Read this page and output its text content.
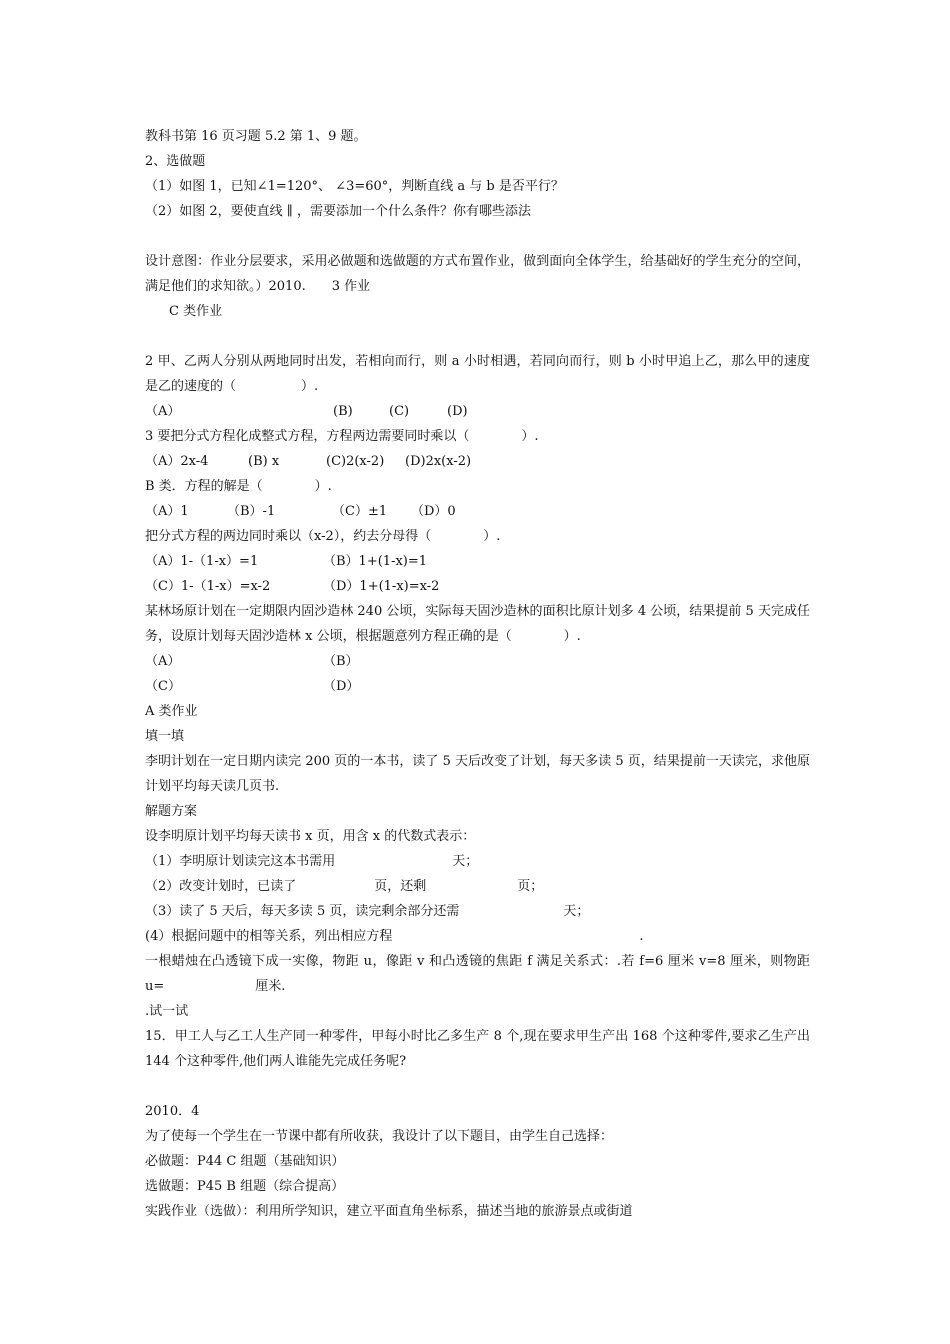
教科书第 16 页习题 5.2 第 1、9 题。
2、选做题
（1）如图 1，已知∠1=120°、 ∠3=60°，判断直线 a 与 b 是否平行？
（2）如图 2，要使直线 ∥ ，需要添加一个什么条件？你有哪些添法
设计意图：作业分层要求，采用必做题和选做题的方式布置作业，做到面向全体学生，给基础好的学生充分的空间，满足他们的求知欲。）2010.　　3 作业
C 类作业
2 甲、乙两人分别从两地同时出发，若相向而行，则 a 小时相遇，若同向而行，则 b 小时甲追上乙，那么甲的速度是乙的速度的（　　　　　）.
（A）	(B)	(C)	(D)
3 要把分式方程化成整式方程，方程两边需要同时乘以（　　　　）.
（A）2x-4	(B) x	(C)2(x-2)	(D)2x(x-2)
B 类．方程的解是（　　　　）.
（A）1	（B）-1	（C）±1	（D）0
把分式方程的两边同时乘以（x-2），约去分母得（　　　　）.
（A）1-（1-x）=1	（B）1+(1-x)=1
（C）1-（1-x）=x-2	（D）1+(1-x)=x-2
某林场原计划在一定期限内固沙造林 240 公顷，实际每天固沙造林的面积比原计划多 4 公顷，结果提前 5 天完成任务，设原计划每天固沙造林 x 公顷，根据题意列方程正确的是（　　　　）.
（A）	（B）
（C）	（D）
A 类作业
填一填
李明计划在一定日期内读完 200 页的一本书，读了 5 天后改变了计划，每天多读 5 页，结果提前一天读完，求他原计划平均每天读几页书.
解题方案
设李明原计划平均每天读书 x 页，用含 x 的代数式表示：
（1）李明原计划读完这本书需用　　　　　　　　　天；
（2）改变计划时，已读了　　　　　　页，还剩　　　　　　　页；
（3）读了 5 天后，每天多读 5 页，读完剩余部分还需　　　　　　　　天；
(4）根据问题中的相等关系，列出相应方程　　　　　　　　　　　　　　　　　　　.
一根蜡烛在凸透镜下成一实像，物距 u，像距 v 和凸透镜的焦距 f 满足关系式：.若 f=6 厘米 v=8 厘米，则物距 u=　　　　　　　厘米.
.试一试
15．甲工人与乙工人生产同一种零件，甲每小时比乙多生产 8 个,现在要求甲生产出 168 个这种零件,要求乙生产出 144 个这种零件,他们两人谁能先完成任务呢?
2010．4
为了使每一个学生在一节课中都有所收获，我设计了以下题目，由学生自己选择：
必做题：P44 C 组题（基础知识）
选做题：P45 B 组题（综合提高）
实践作业（选做）：利用所学知识，建立平面直角坐标系，描述当地的旅游景点或街道
